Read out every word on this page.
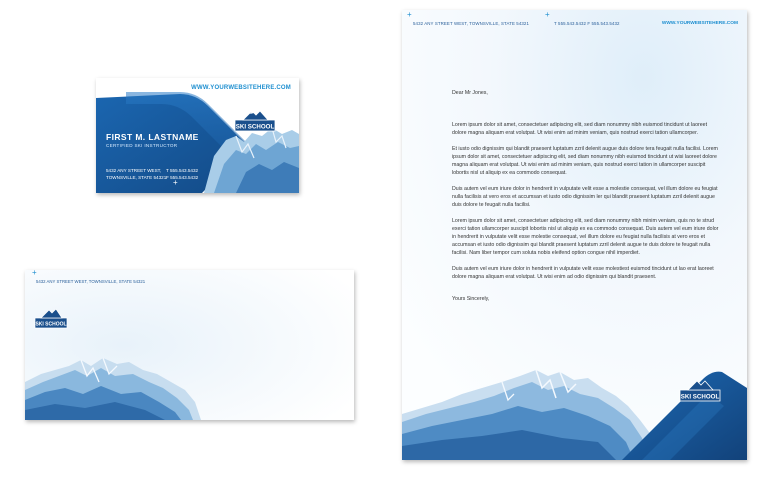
SKI SCHOOL
WWW.YOURWEBSITEHERE.COM
FIRST M. LASTNAME
CERTIFIED SKI INSTRUCTOR
5432 ANY STREET WEST,
TOWNSVILLE, STATE 54321
T 555.543.5432
F 555.543.5432
+
SKI SCHOOL
+
5432 ANY STREET WEST, TOWNSVILLE, STATE 54321
SKI SCHOOL
+	+
5432 ANY STREET WEST, TOWNSVILLE, STATE 54321	T 555.543.5432 F 555.543.5432	WWW.YOURWEBSITEHERE.COM

Dear Mr Jones,

Lorem ipsum dolor sit amet, consectetuer adipiscing elit, sed diam nonummy nibh euismod tincidunt ut laoreet dolore magna aliquam erat volutpat. Ut wisi enim ad minim veniam, quis nostrud exerci tation ullamcorper.

Et iusto odio dignissim qui blandit praesent luptatum zzril delenit augue duis dolore tera feugait nulla facilisi. Lorem ipsum dolor sit amet, consectetuer adipiscing elit, sed diam nonummy nibh euismod tincidunt ut wisi laoreet dolore magna aliquam erat volutpat. Ut wisi enim ad minim veniam, quis nostrud exerci tation in ullamcorper suscipit lobortis nisl ut aliquip ex ea commodo consequat.

Duis autem vel eum iriure dolor in hendrerit in vulputate velit esse a molestie consequat, vel illum dolore eu feugiat nulla facilisis at vero eros et accumsan et iusto odio dignissim ler qui blandit praesent luptatum zzril delenit augue duis dolore te feugait nulla facilisi.

Lorem ipsum dolor sit amet, consectetuer adipiscing elit, sed diam nonummy nibh minim veniam, quis no te strud exerci tation ullamcorper suscipit lobortis nisl ut aliquip ex ea commodo consequat. Duis autem vel eum iriure dolor in hendrerit in vulputate velit esse molestie consequat, vel illum dolore eu feugiat nulla facilisis at vero eros et accumsan et iusto odio dignissim qui blandit praesent luptatum zzril delenit augue te duis dolore te feugait nulla facilisi. Nam liber tempor cum soluta nobis eleifend option congue nihil imperdiet.

Duis autem vel eum iriure dolor in hendrerit in vulputate velit esse molestiest euismod tincidunt ut lao erat laoreet dolore magna aliquam erat volutpat. Ut wisi enim ad odio dignissim qui blandit praesent.

Yours Sincerely,
